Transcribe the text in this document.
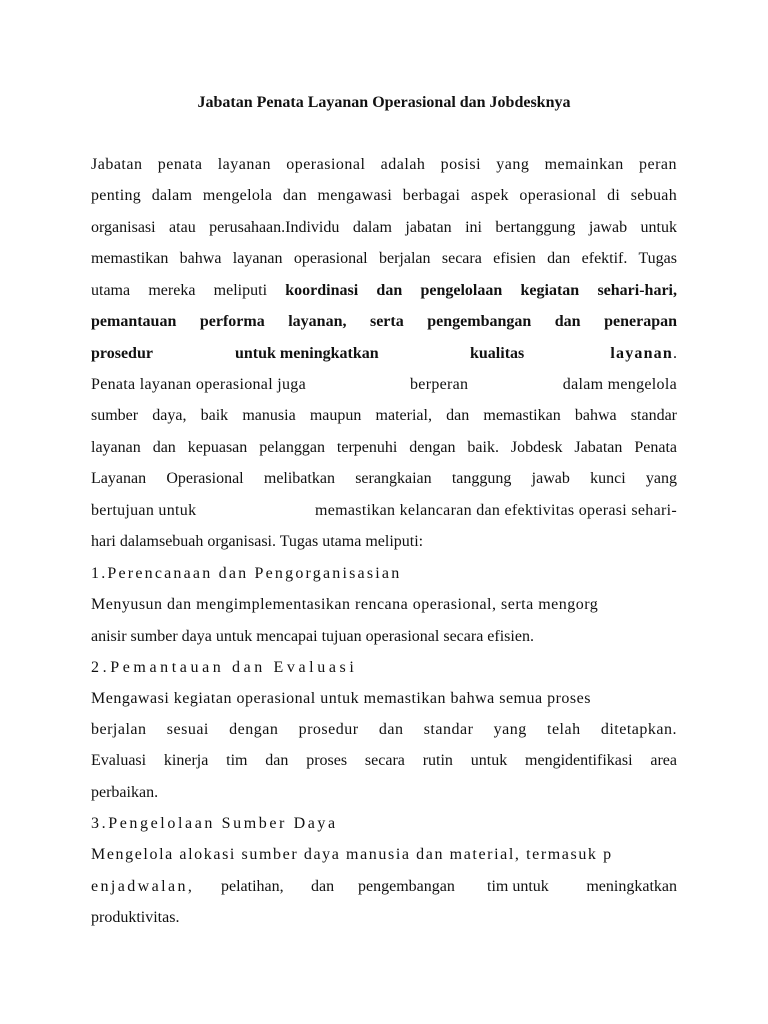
Jabatan Penata Layanan Operasional dan Jobdesknya

Jabatan penata layanan operasional adalah posisi yang memainkan peran

penting dalam mengelola dan mengawasi berbagai aspek operasional di sebuah

organisasi atau perusahaan.Individu dalam jabatan ini bertanggung jawab untuk

memastikan bahwa layanan operasional berjalan secara efisien dan efektif. Tugas

utama mereka meliputi koordinasi dan pengelolaan kegiatan sehari-hari,

pemantauan performa layanan, serta pengembangan dan penerapan

prosedur	untuk meningkatkan	kualitas	layanan.
Penata layanan operasional juga	berperan	dalam mengelola

sumber daya, baik manusia maupun material, dan memastikan bahwa standar

layanan dan kepuasan pelanggan terpenuhi dengan baik. Jobdesk Jabatan Penata

Layanan Operasional melibatkan serangkaian tanggung jawab kunci yang

bertujuan untuk	memastikan kelancaran dan efektivitas operasi sehari-

hari dalamsebuah organisasi. Tugas utama meliputi:

1.Perencanaan dan Pengorganisasian

Menyusun dan mengimplementasikan rencana operasional, serta mengorg

anisir sumber daya untuk mencapai tujuan operasional secara efisien.

2.Pemantauan dan Evaluasi

Mengawasi kegiatan operasional untuk memastikan bahwa semua proses

berjalan sesuai dengan prosedur dan standar yang telah ditetapkan.

Evaluasi kinerja tim dan proses secara rutin untuk mengidentifikasi area

perbaikan.

3.Pengelolaan Sumber Daya

Mengelola alokasi sumber daya manusia dan material, termasuk p

enjadwalan, pelatihan, dan pengembangan tim untuk meningkatkan

produktivitas.
